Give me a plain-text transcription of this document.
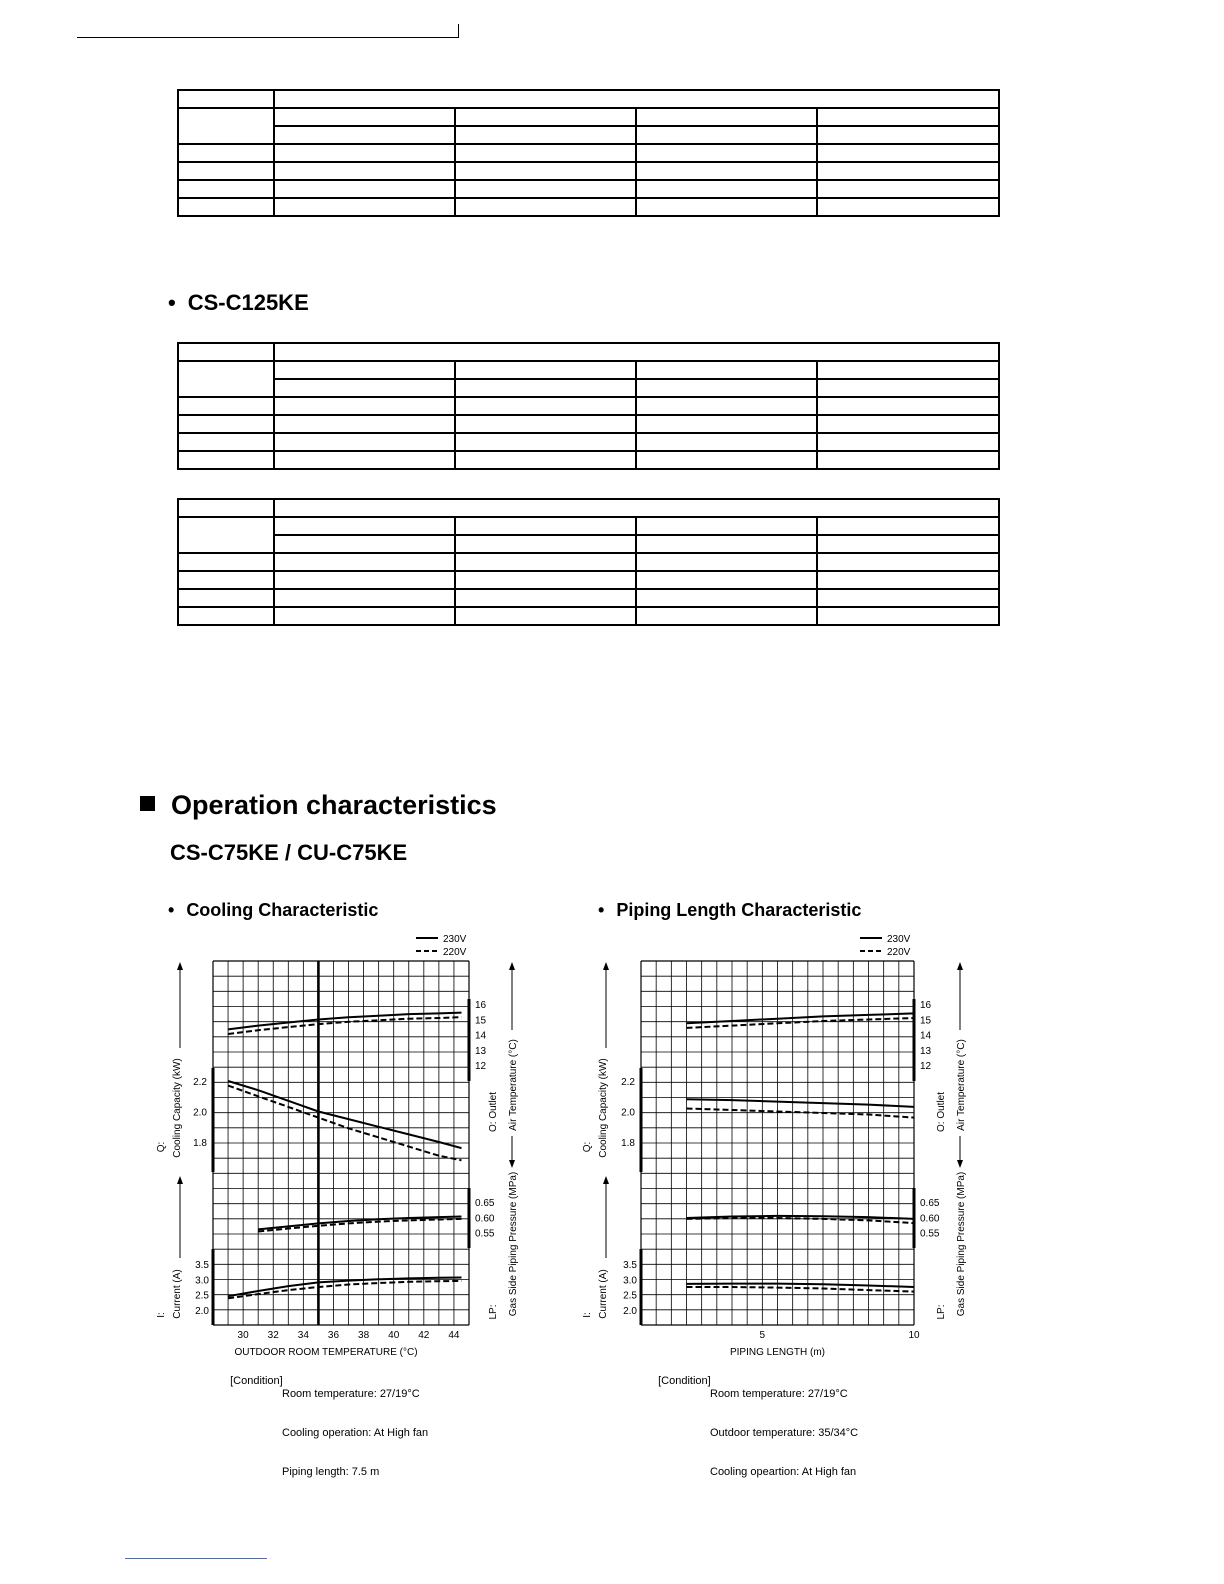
• CS-C125KE

Operation characteristics
CS-C75KE / CU-C75KE
• Cooling Characteristic	• Piping Length Characteristic
16
15
14
13
12
0.65
0.60
0.55
2.2
2.0
1.8
3.5
3.0
2.5
2.0
30 32 34 36 38 40 42 44
OUTDOOR ROOM TEMPERATURE (°C)
230V
220V
Q: Cooling Capacity (kW)
I: Current (A)
O: Outlet Air Temperature (°C)
LP: Gas Side Piping Pressure (MPa)
16
15
14
13
12
0.65
0.60
0.55
2.2
2.0
1.8
3.5
3.0
2.5
2.0
5	10
PIPING LENGTH (m)
230V
220V
Q: Cooling Capacity (kW)
I: Current (A)
O: Outlet Air Temperature (°C)
LP: Gas Side Piping Pressure (MPa)

[Condition]

Room temperature: 27/19°C

Cooling operation: At High fan

Piping length: 7.5 m

[Condition]

Room temperature: 27/19°C

Outdoor temperature: 35/34°C

Cooling opeartion: At High fan
